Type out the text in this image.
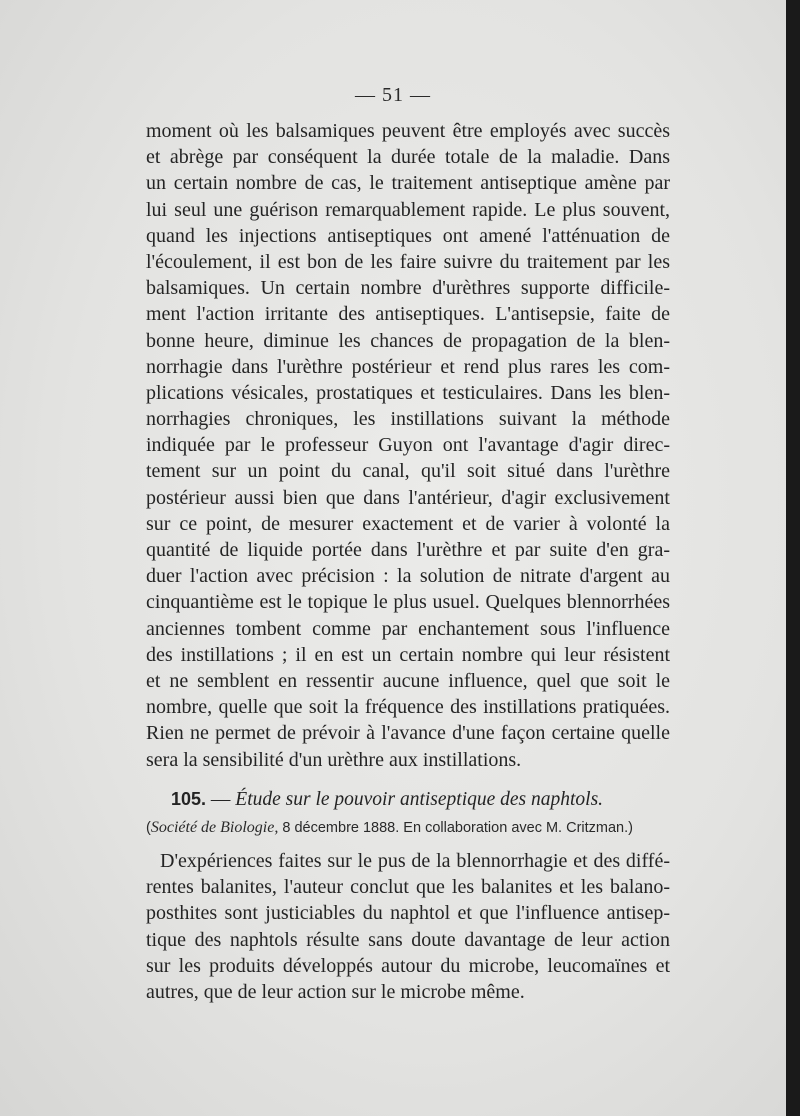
— 51 —
moment où les balsamiques peuvent être employés avec succès
et abrège par conséquent la durée totale de la maladie. Dans
un certain nombre de cas, le traitement antiseptique amène par
lui seul une guérison remarquablement rapide. Le plus souvent,
quand les injections antiseptiques ont amené l'atténuation de
l'écoulement, il est bon de les faire suivre du traitement par les
balsamiques. Un certain nombre d'urèthres supporte difficile-
ment l'action irritante des antiseptiques. L'antisepsie, faite de
bonne heure, diminue les chances de propagation de la blen-
norrhagie dans l'urèthre postérieur et rend plus rares les com-
plications vésicales, prostatiques et testiculaires. Dans les blen-
norrhagies chroniques, les instillations suivant la méthode
indiquée par le professeur Guyon ont l'avantage d'agir direc-
tement sur un point du canal, qu'il soit situé dans l'urèthre
postérieur aussi bien que dans l'antérieur, d'agir exclusivement
sur ce point, de mesurer exactement et de varier à volonté la
quantité de liquide portée dans l'urèthre et par suite d'en gra-
duer l'action avec précision : la solution de nitrate d'argent au
cinquantième est le topique le plus usuel. Quelques blennorrhées
anciennes tombent comme par enchantement sous l'influence
des instillations ; il en est un certain nombre qui leur résistent
et ne semblent en ressentir aucune influence, quel que soit le
nombre, quelle que soit la fréquence des instillations pratiquées.
Rien ne permet de prévoir à l'avance d'une façon certaine quelle
sera la sensibilité d'un urèthre aux instillations.
105. — Étude sur le pouvoir antiseptique des naphtols.
(Société de Biologie, 8 décembre 1888. En collaboration avec M. Critzman.)
D'expériences faites sur le pus de la blennorrhagie et des diffé-
rentes balanites, l'auteur conclut que les balanites et les balano-
posthites sont justiciables du naphtol et que l'influence antisep-
tique des naphtols résulte sans doute davantage de leur action
sur les produits développés autour du microbe, leucomaïnes et
autres, que de leur action sur le microbe même.
